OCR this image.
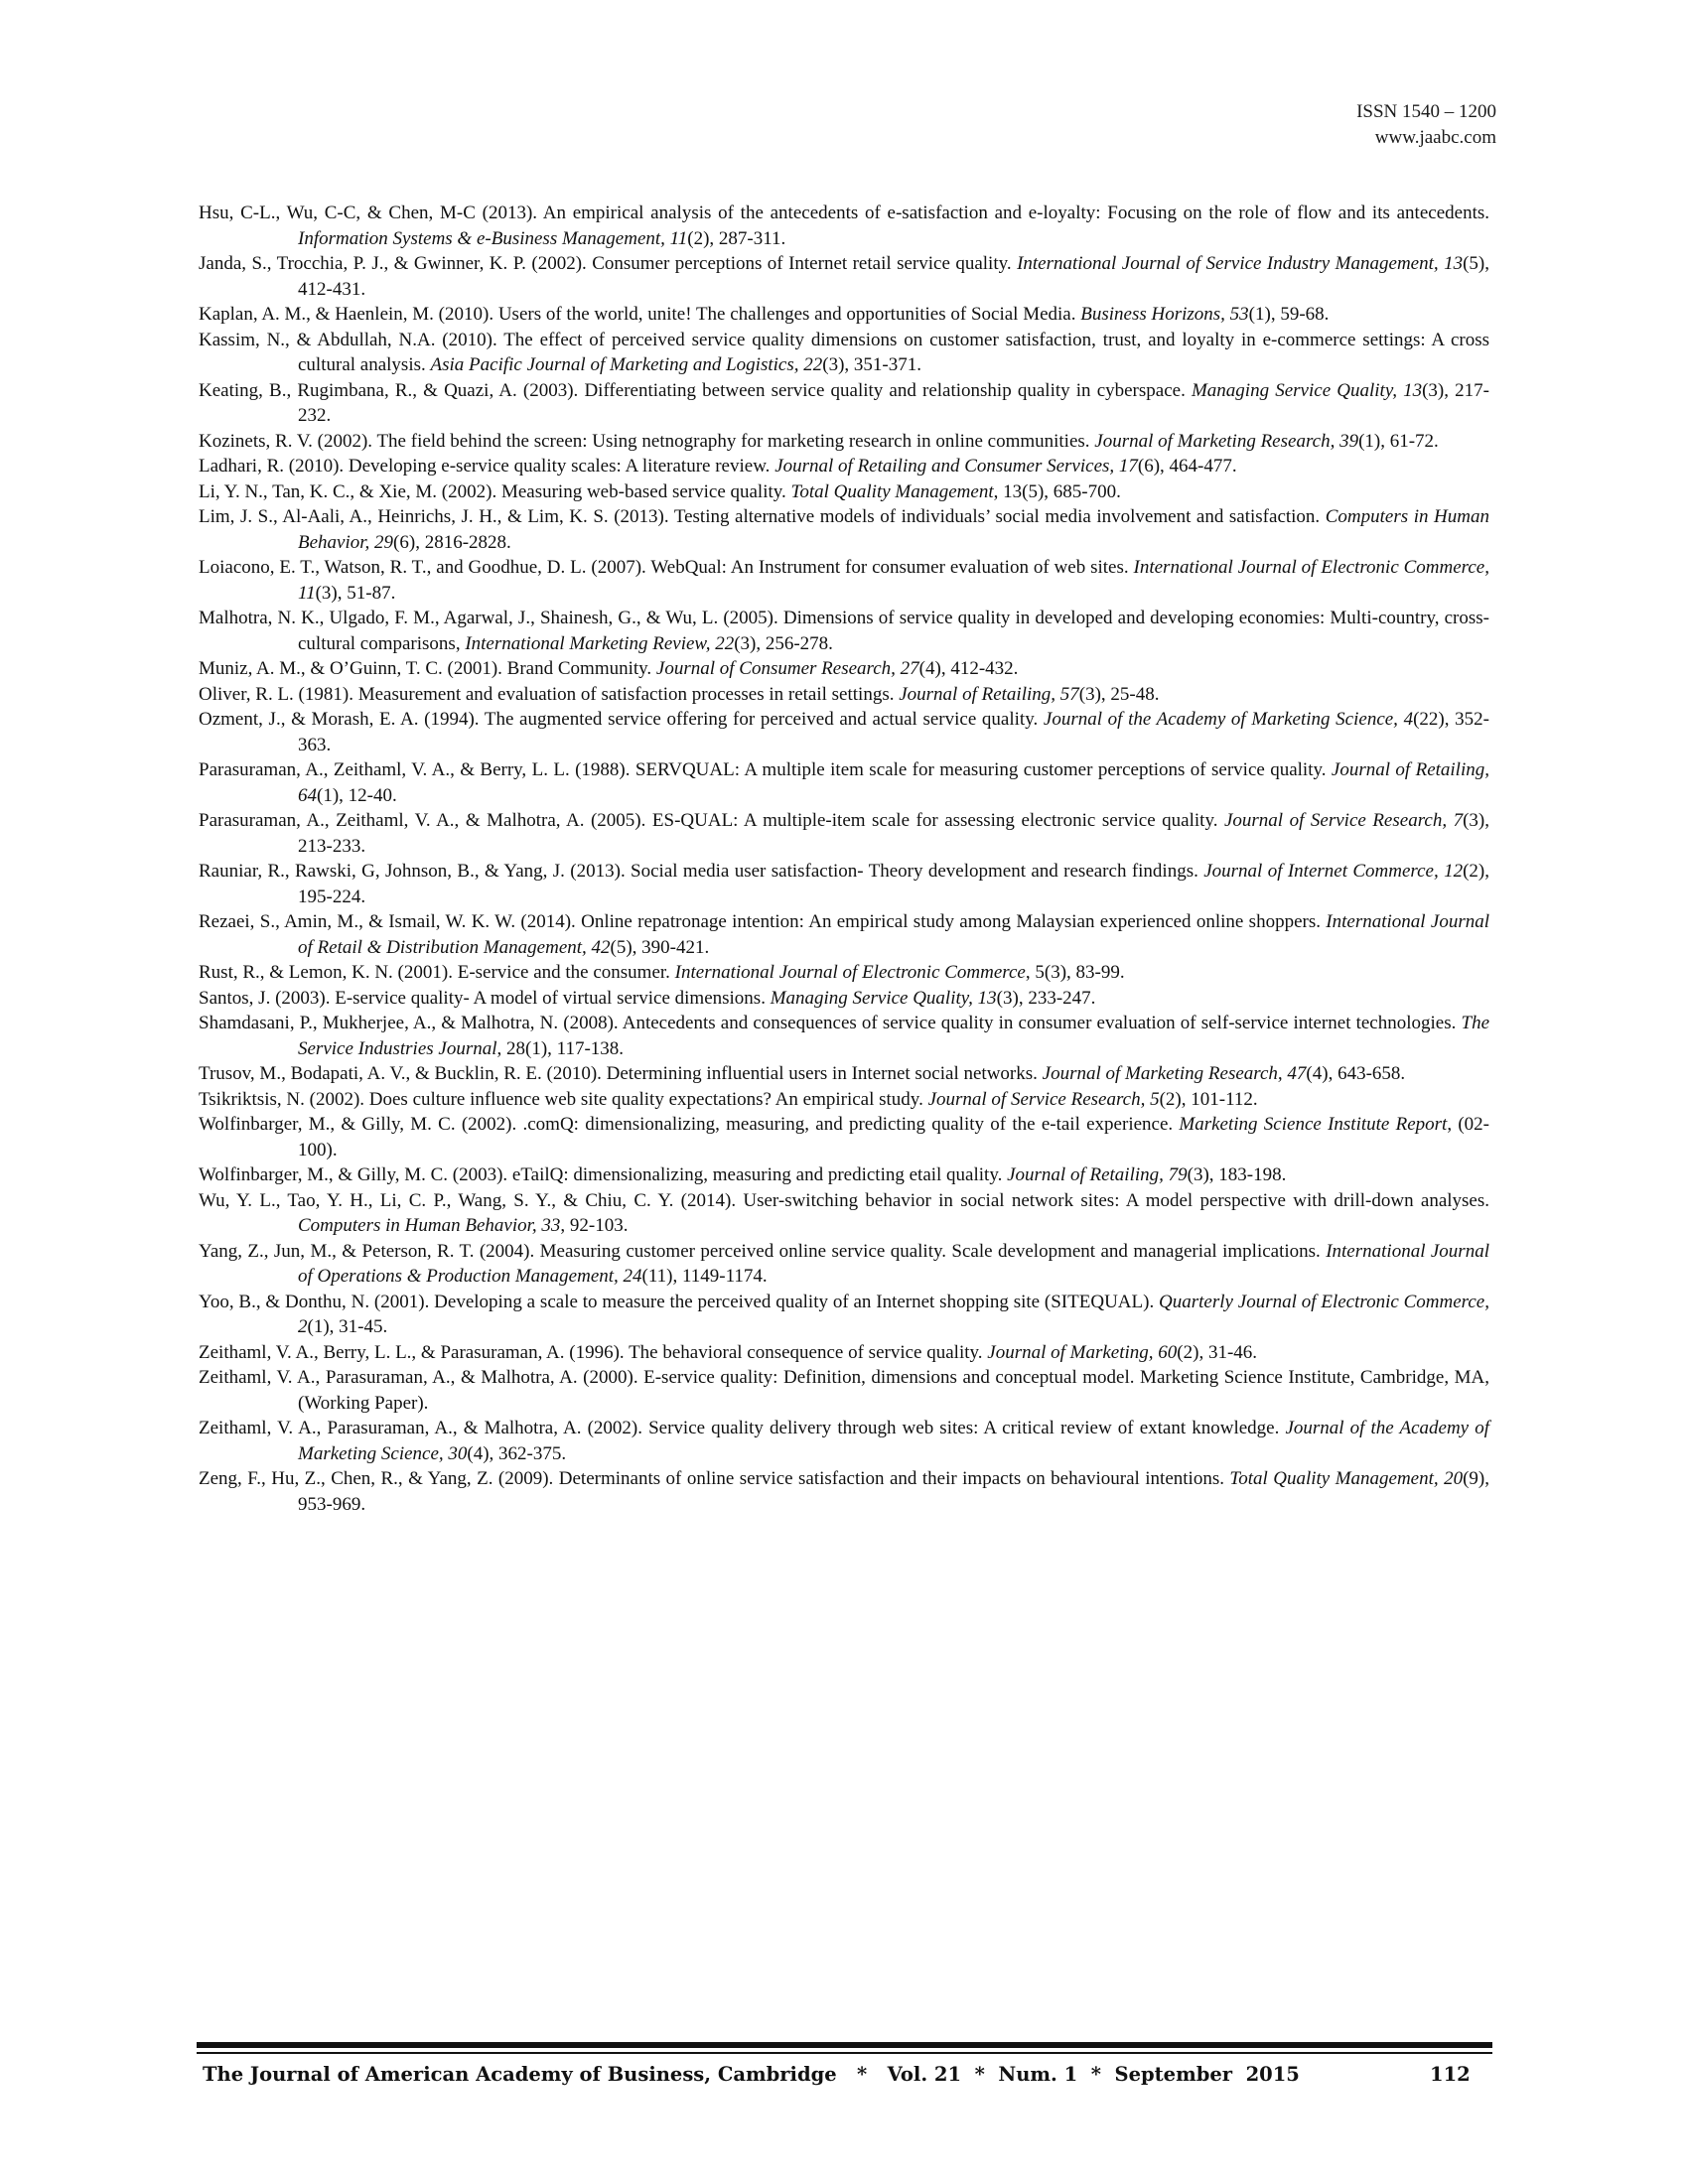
ISSN 1540 – 1200
www.jaabc.com

Hsu, C-L., Wu, C-C, & Chen, M-C (2013). An empirical analysis of the antecedents of e-satisfaction and e-loyalty: Focusing on the role of flow and its antecedents. Information Systems & e-Business Management, 11(2), 287-311.

Janda, S., Trocchia, P. J., & Gwinner, K. P. (2002). Consumer perceptions of Internet retail service quality. International Journal of Service Industry Management, 13(5), 412-431.

Kaplan, A. M., & Haenlein, M. (2010). Users of the world, unite! The challenges and opportunities of Social Media. Business Horizons, 53(1), 59-68.

Kassim, N., & Abdullah, N.A. (2010). The effect of perceived service quality dimensions on customer satisfaction, trust, and loyalty in e-commerce settings: A cross cultural analysis. Asia Pacific Journal of Marketing and Logistics, 22(3), 351-371.

Keating, B., Rugimbana, R., & Quazi, A. (2003). Differentiating between service quality and relationship quality in cyberspace. Managing Service Quality, 13(3), 217-232.

Kozinets, R. V. (2002). The field behind the screen: Using netnography for marketing research in online communities. Journal of Marketing Research, 39(1), 61-72.

Ladhari, R. (2010). Developing e-service quality scales: A literature review. Journal of Retailing and Consumer Services, 17(6), 464-477.

Li, Y. N., Tan, K. C., & Xie, M. (2002). Measuring web-based service quality. Total Quality Management, 13(5), 685-700.

Lim, J. S., Al-Aali, A., Heinrichs, J. H., & Lim, K. S. (2013). Testing alternative models of individuals’ social media involvement and satisfaction. Computers in Human Behavior, 29(6), 2816-2828.

Loiacono, E. T., Watson, R. T., and Goodhue, D. L. (2007). WebQual: An Instrument for consumer evaluation of web sites. International Journal of Electronic Commerce, 11(3), 51-87.

Malhotra, N. K., Ulgado, F. M., Agarwal, J., Shainesh, G., & Wu, L. (2005). Dimensions of service quality in developed and developing economies: Multi-country, cross-cultural comparisons, International Marketing Review, 22(3), 256-278.

Muniz, A. M., & O’Guinn, T. C. (2001). Brand Community. Journal of Consumer Research, 27(4), 412-432.

Oliver, R. L. (1981). Measurement and evaluation of satisfaction processes in retail settings. Journal of Retailing, 57(3), 25-48.

Ozment, J., & Morash, E. A. (1994). The augmented service offering for perceived and actual service quality. Journal of the Academy of Marketing Science, 4(22), 352-363.

Parasuraman, A., Zeithaml, V. A., & Berry, L. L. (1988). SERVQUAL: A multiple item scale for measuring customer perceptions of service quality. Journal of Retailing, 64(1), 12-40.

Parasuraman, A., Zeithaml, V. A., & Malhotra, A. (2005). ES-QUAL: A multiple-item scale for assessing electronic service quality. Journal of Service Research, 7(3), 213-233.

Rauniar, R., Rawski, G, Johnson, B., & Yang, J. (2013). Social media user satisfaction- Theory development and research findings. Journal of Internet Commerce, 12(2), 195-224.

Rezaei, S., Amin, M., & Ismail, W. K. W. (2014). Online repatronage intention: An empirical study among Malaysian experienced online shoppers. International Journal of Retail & Distribution Management, 42(5), 390-421.

Rust, R., & Lemon, K. N. (2001). E-service and the consumer. International Journal of Electronic Commerce, 5(3), 83-99.

Santos, J. (2003). E-service quality- A model of virtual service dimensions. Managing Service Quality, 13(3), 233-247.

Shamdasani, P., Mukherjee, A., & Malhotra, N. (2008). Antecedents and consequences of service quality in consumer evaluation of self-service internet technologies. The Service Industries Journal, 28(1), 117-138.

Trusov, M., Bodapati, A. V., & Bucklin, R. E. (2010). Determining influential users in Internet social networks. Journal of Marketing Research, 47(4), 643-658.

Tsikriktsis, N. (2002). Does culture influence web site quality expectations? An empirical study. Journal of Service Research, 5(2), 101-112.

Wolfinbarger, M., & Gilly, M. C. (2002). .comQ: dimensionalizing, measuring, and predicting quality of the e-tail experience. Marketing Science Institute Report, (02-100).

Wolfinbarger, M., & Gilly, M. C. (2003). eTailQ: dimensionalizing, measuring and predicting etail quality. Journal of Retailing, 79(3), 183-198.

Wu, Y. L., Tao, Y. H., Li, C. P., Wang, S. Y., & Chiu, C. Y. (2014). User-switching behavior in social network sites: A model perspective with drill-down analyses. Computers in Human Behavior, 33, 92-103.

Yang, Z., Jun, M., & Peterson, R. T. (2004). Measuring customer perceived online service quality. Scale development and managerial implications. International Journal of Operations & Production Management, 24(11), 1149-1174.

Yoo, B., & Donthu, N. (2001). Developing a scale to measure the perceived quality of an Internet shopping site (SITEQUAL). Quarterly Journal of Electronic Commerce, 2(1), 31-45.

Zeithaml, V. A., Berry, L. L., & Parasuraman, A. (1996). The behavioral consequence of service quality. Journal of Marketing, 60(2), 31-46.

Zeithaml, V. A., Parasuraman, A., & Malhotra, A. (2000). E-service quality: Definition, dimensions and conceptual model. Marketing Science Institute, Cambridge, MA, (Working Paper).

Zeithaml, V. A., Parasuraman, A., & Malhotra, A. (2002). Service quality delivery through web sites: A critical review of extant knowledge. Journal of the Academy of Marketing Science, 30(4), 362-375.

Zeng, F., Hu, Z., Chen, R., & Yang, Z. (2009). Determinants of online service satisfaction and their impacts on behavioural intentions. Total Quality Management, 20(9), 953-969.

The Journal of American Academy of Business, Cambridge   *   Vol. 21  *  Num. 1  *  September  2015	112
